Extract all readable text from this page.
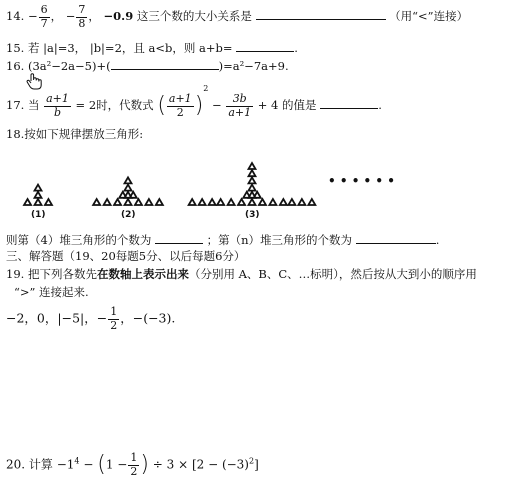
14. − $\frac{6}{7}$ ， − $\frac{7}{8}$ ， −0.9 这三个数的大小关系是	（用“<”连接）
15. 若 |a|=3， |b|=2，且 a<b，则 a+b=	.
16. (3a²−2a−5)+(	)=a²−7a+9.
17. 当 $\frac{a+1}{b} = 2$时，代数式 ( $\frac{a+1}{2} )^2 - \frac{3b}{a+1} + 4$ 的值是	.
18.按如下规律摆放三角形:
(1)	(2)	(3)
• • • • • •
则第（4）堆三角形的个数为	；第（n）堆三角形的个数为	.
三、解答题（19、20每题5分、以后每题6分）
19. 把下列各数先在数轴上表示出来（分别用 A、B、C、…标明），然后按从大到小的顺序用
“>” 连接起来.
−2，0，|−5|，− $\frac{1}{2}$ ，−(−3).
20. 计算 $-1^4 - (1 - \frac{1}{2}$ ) ÷ $3 \times [2 - (-3)^2]$
